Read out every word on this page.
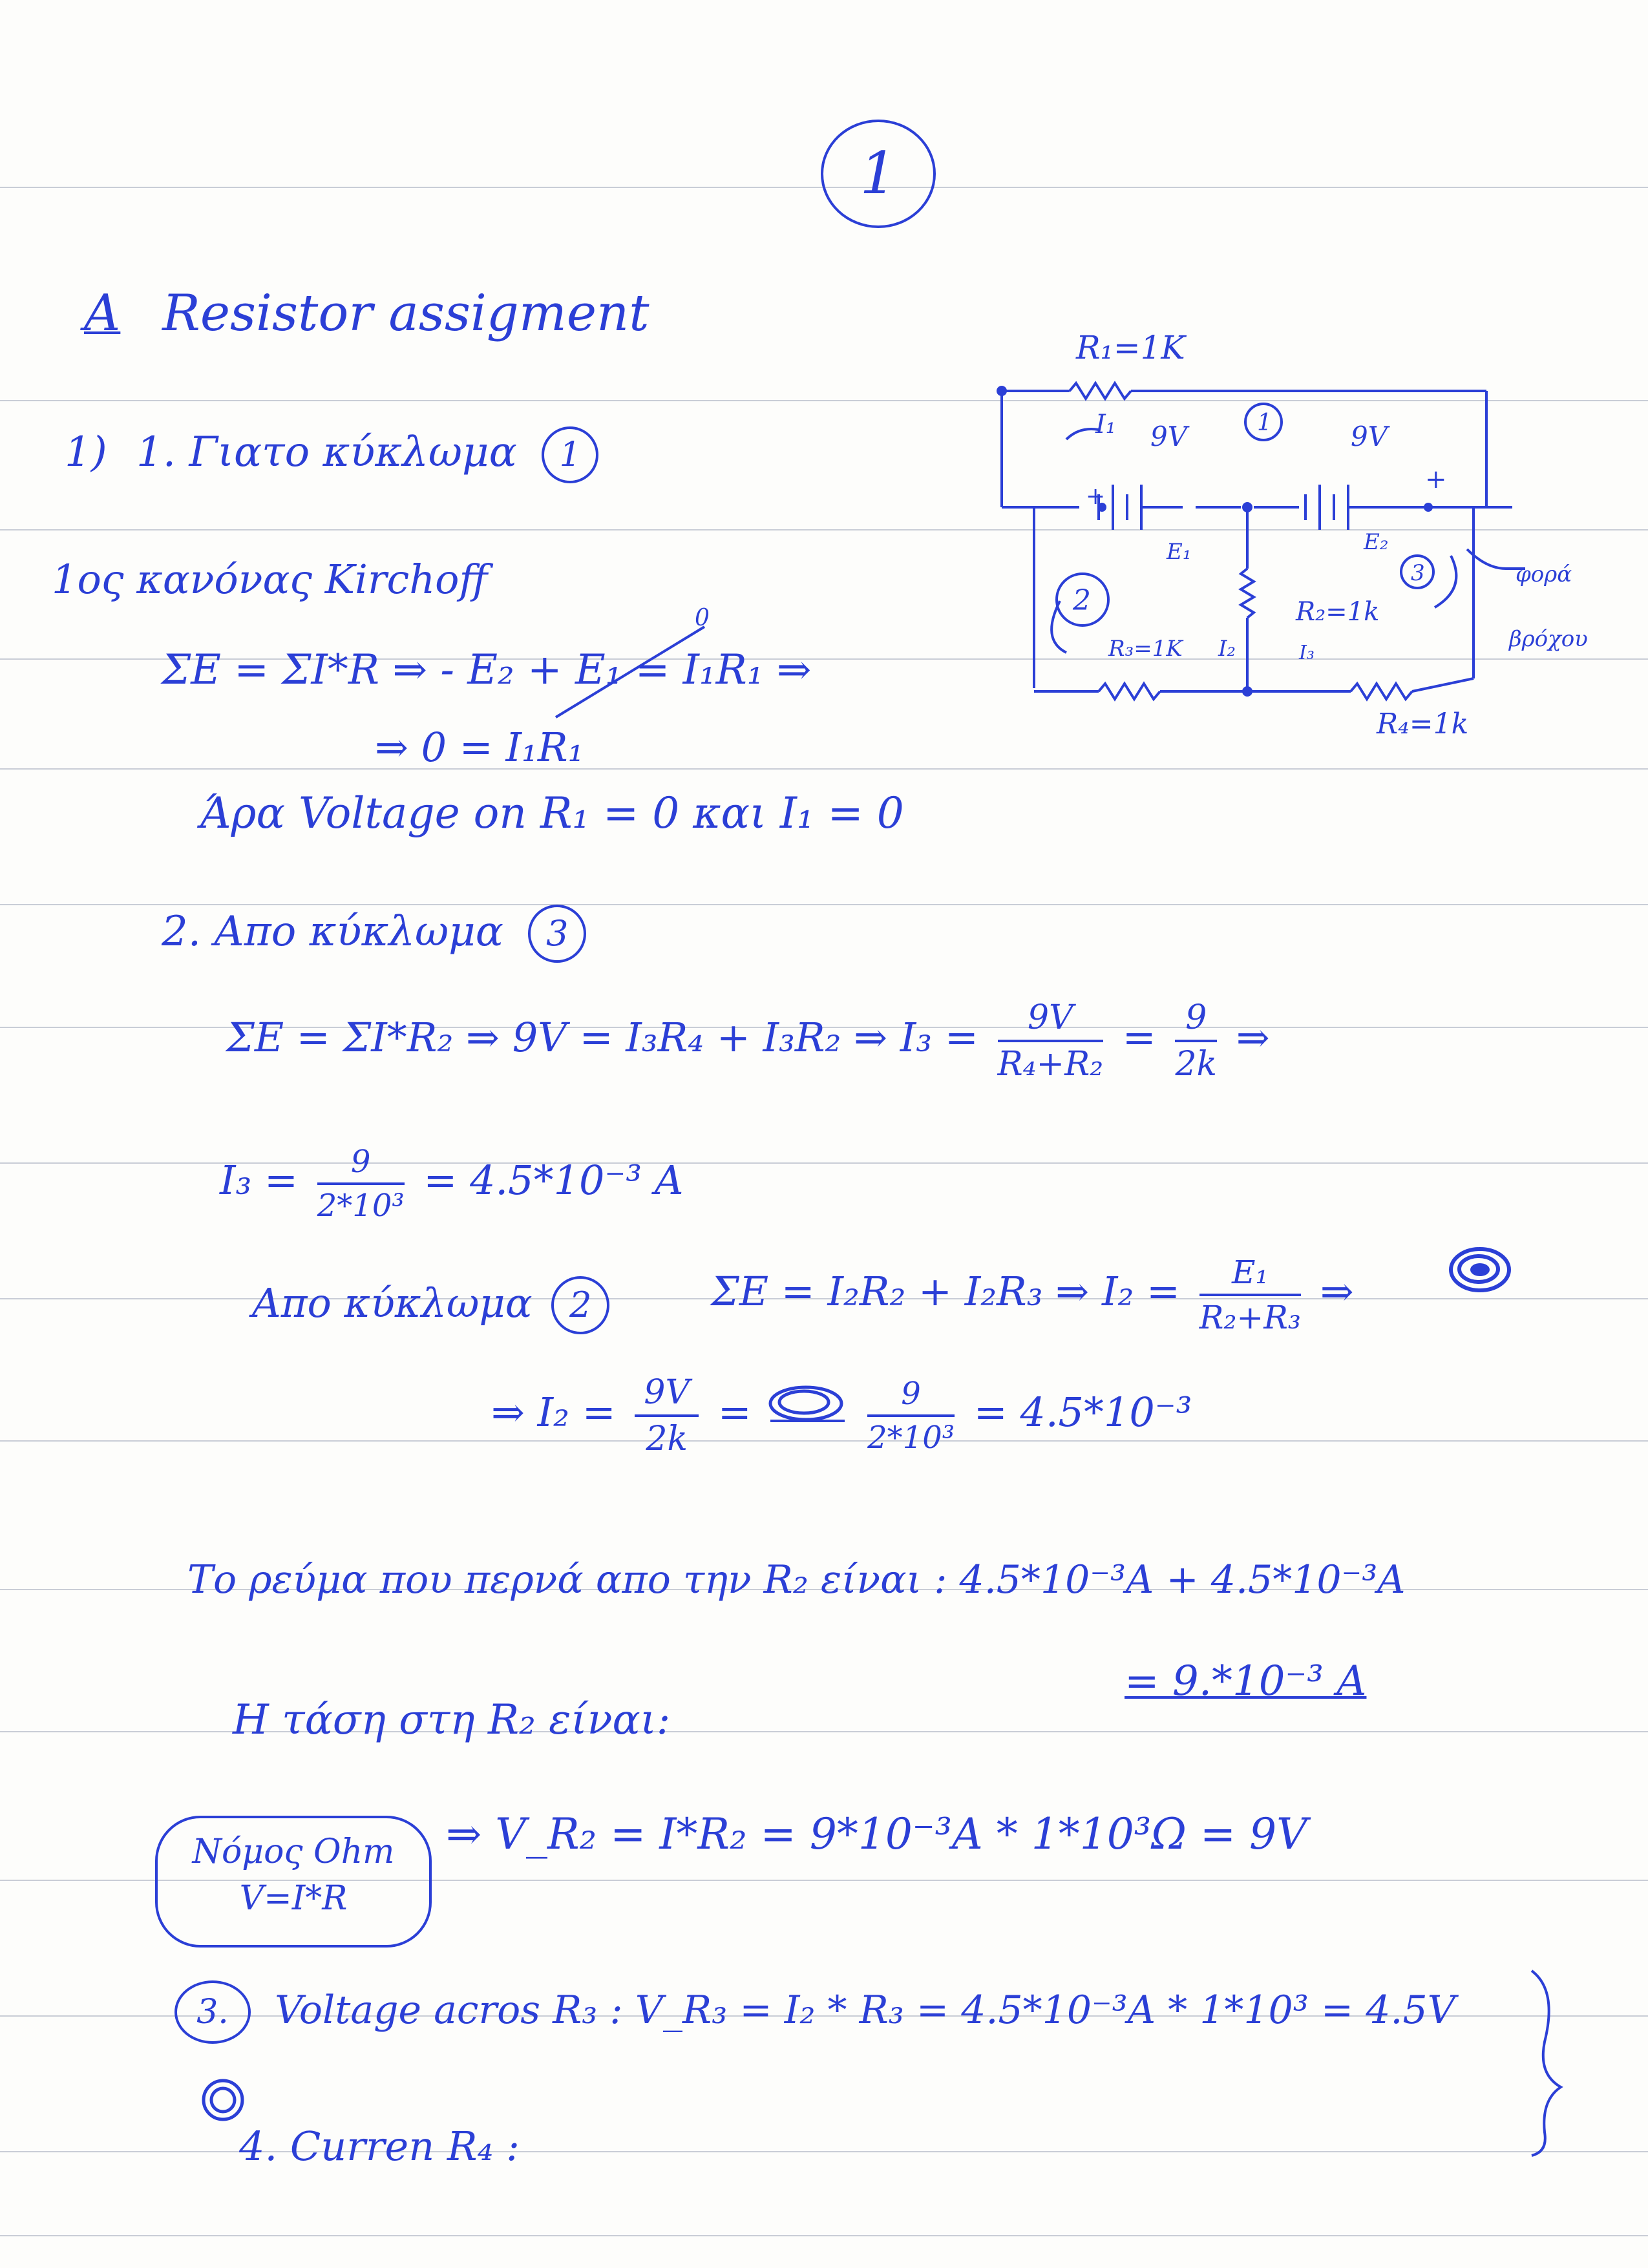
1
A Resistor assigment
1) 1. Γιατο κύκλωμα 1
1ος κανόνας Kirchoff
ΣE = ΣI*R ⇒ - E₂ + E₁ = I₁R₁ ⇒
0
⇒ 0 = I₁R₁
Άρα Voltage on R₁ = 0 και I₁ = 0
2. Απο κύκλωμα 3
ΣE = ΣI*R₂ ⇒ 9V = I₃R₄ + I₃R₂ ⇒ $I_3 = \frac{9V}{\text{R₄+R₂}} = \frac{9}{2k}$ ⇒
$I_3 = \frac{9}{\text{2*10³}} = 4.5*10^{-3}$ A
Απο κύκλωμα 2	ΣE = I₂R₂ + I₂R₃ ⇒ $I_2 = \frac{\text{E₁}}{\text{R₂+R₃}}$ ⇒
⇒ $I_2 = \frac{9V}{2k}$ =	$\frac{9}{\text{2*10³}} = 4.5*10^{-3}$
Το ρεύμα που περνά απο την R₂ είναι : 4.5*10⁻³A + 4.5*10⁻³A
= 9.*10⁻³ A
Η τάση στη R₂ είναι:
Νόμος Ohm
V=I*R
⇒ V_R₂ = I*R₂ = 9*10⁻³A * 1*10³Ω = 9V
3. Voltage acros R₃ : V_R₃ = I₂ * R₃ = 4.5*10⁻³A * 1*10³ = 4.5V
4. Curren R₄ :
R₁=1K
I₁ 9V	1	9V
+
+
E₁	E₂
2
3
R₂=1k
R₃=1K I₂	I₃
R₄=1k
φορά
βρόχου
